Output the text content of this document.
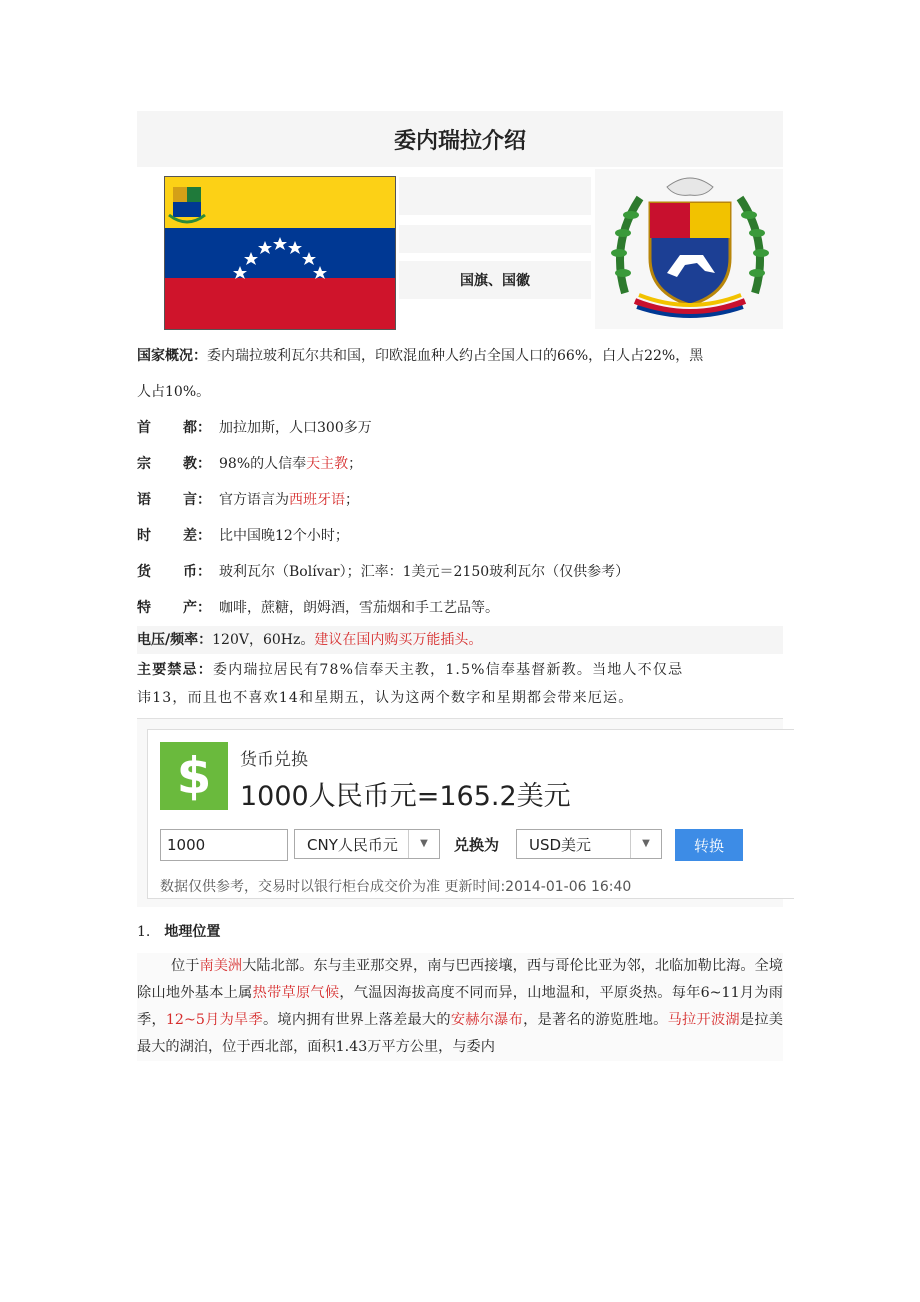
委内瑞拉介绍
国旗、国徽
国家概况：委内瑞拉玻利瓦尔共和国，印欧混血种人约占全国人口的66%，白人占22%，黑
人占10%。
首 都： 加拉加斯，人口300多万
宗 教： 98%的人信奉天主教；
语 言： 官方语言为西班牙语；
时 差： 比中国晚12个小时；
货 币： 玻利瓦尔（Bolívar）；汇率：1美元＝2150玻利瓦尔（仅供参考）
特 产： 咖啡，蔗糖，朗姆酒，雪茄烟和手工艺品等。
电压/频率：120V，60Hz。建议在国内购买万能插头。
主要禁忌：委内瑞拉居民有78%信奉天主教，1.5%信奉基督新教。当地人不仅忌
讳13，而且也不喜欢14和星期五，认为这两个数字和星期都会带来厄运。
$	货币兑换
1000人民币元=165.2美元
1000	CNY人民币元	▼	兑换为	USD美元	▼	转换
数据仅供参考，交易时以银行柜台成交价为准 更新时间:2014-01-06 16:40
1. 地理位置
位于南美洲大陆北部。东与圭亚那交界，南与巴西接壤，西与哥伦比亚为邻，北临加勒比海。全境除山地外基本上属热带草原气候，气温因海拔高度不同而异，山地温和，平原炎热。每年6~11月为雨季，12~5月为旱季。境内拥有世界上落差最大的安赫尔瀑布，是著名的游览胜地。马拉开波湖是拉美最大的湖泊，位于西北部，面积1.43万平方公里，与委内
